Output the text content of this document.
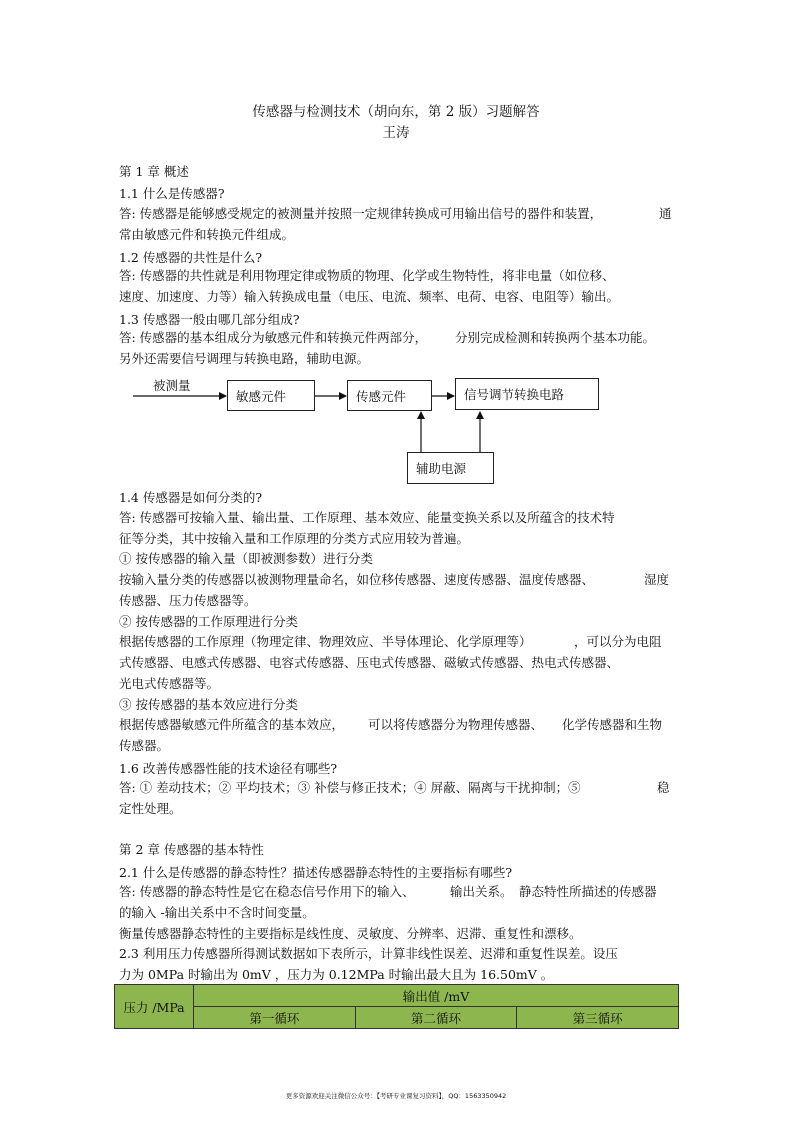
传感器与检测技术（胡向东，第 2 版）习题解答
王涛
第 1 章 概述
1.1 什么是传感器?
答: 传感器是能够感受规定的被测量并按照一定规律转换成可用输出信号的器件和装置，	通
常由敏感元件和转换元件组成。
1.2 传感器的共性是什么?
答: 传感器的共性就是利用物理定律或物质的物理、化学或生物特性，将非电量（如位移、
速度、加速度、力等）输入转换成电量（电压、电流、频率、电荷、电容、电阻等）输出。
1.3 传感器一般由哪几部分组成?
答: 传感器的基本组成分为敏感元件和转换元件两部分， 分别完成检测和转换两个基本功能。
另外还需要信号调理与转换电路，辅助电源。
被测量
敏感元件	传感元件	信号调节转换电路
辅助电源
1.4 传感器是如何分类的?
答: 传感器可按输入量、输出量、工作原理、基本效应、能量变换关系以及所蕴含的技术特
征等分类，其中按输入量和工作原理的分类方式应用较为普遍。
① 按传感器的输入量（即被测参数）进行分类
按输入量分类的传感器以被测物理量命名，如位移传感器、速度传感器、温度传感器、	湿度
传感器、压力传感器等。
② 按传感器的工作原理进行分类
根据传感器的工作原理（物理定律、物理效应、半导体理论、化学原理等）	，可以分为电阻
式传感器、电感式传感器、电容式传感器、压电式传感器、磁敏式传感器、热电式传感器、
光电式传感器等。
③ 按传感器的基本效应进行分类
根据传感器敏感元件所蕴含的基本效应， 可以将传感器分为物理传感器、 化学传感器和生物
传感器。
1.6 改善传感器性能的技术途径有哪些?
答: ① 差动技术；② 平均技术；③ 补偿与修正技术；④ 屏蔽、隔离与干扰抑制；⑤	稳
定性处理。
第 2 章 传感器的基本特性
2.1 什么是传感器的静态特性？描述传感器静态特性的主要指标有哪些?
答: 传感器的静态特性是它在稳态信号作用下的输入、	输出关系。 静态特性所描述的传感器
的输入 -输出关系中不含时间变量。
衡量传感器静态特性的主要指标是线性度、灵敏度、分辨率、迟滞、重复性和漂移。
2.3 利用压力传感器所得测试数据如下表所示，计算非线性误差、迟滞和重复性误差。设压
力为 0MPa 时输出为 0mV ，压力为 0.12MPa 时输出最大且为 16.50mV 。
压力 /MPa	输出值 /mV		
	第一循环	第二循环	第三循环
更多资源欢迎关注微信公众号：【考研专业课复习资料】，QQ：1563350942
